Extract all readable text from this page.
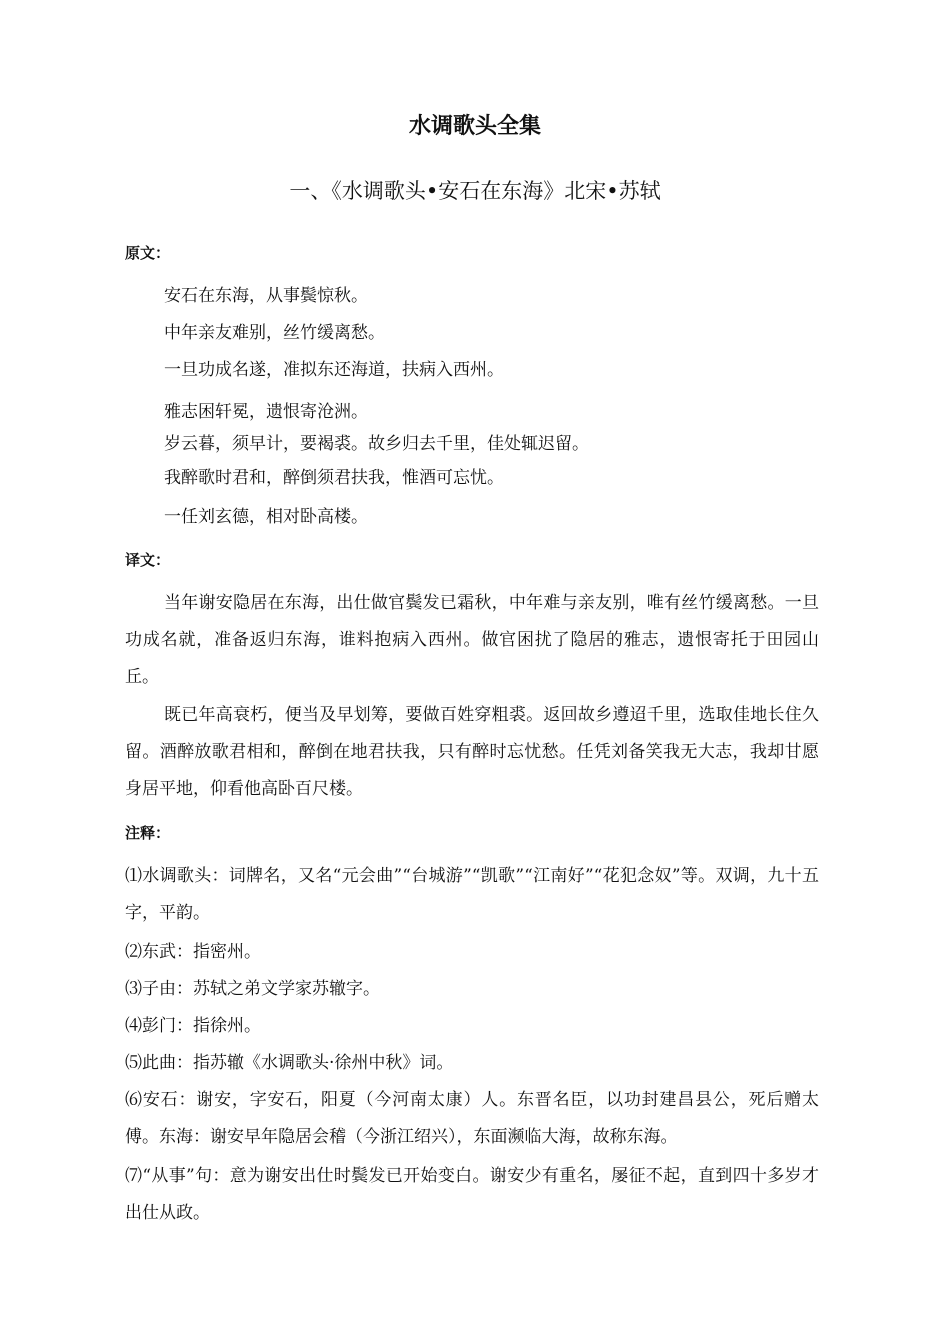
水调歌头全集
一、《水调歌头•安石在东海》北宋•苏轼
原文：
安石在东海，从事鬓惊秋。
中年亲友难别，丝竹缓离愁。
一旦功成名遂，准拟东还海道，扶病入西州。
雅志困轩冕，遗恨寄沧洲。
岁云暮，须早计，要褐裘。故乡归去千里，佳处辄迟留。
我醉歌时君和，醉倒须君扶我，惟酒可忘忧。
一任刘玄德，相对卧高楼。
译文：

当年谢安隐居在东海，出仕做官鬓发已霜秋，中年难与亲友别，唯有丝竹缓离愁。一旦功成名就，准备返归东海，谁料抱病入西州。做官困扰了隐居的雅志，遗恨寄托于田园山丘。

既已年高衰朽，便当及早划筹，要做百姓穿粗裘。返回故乡遵迢千里，选取佳地长住久留。酒醉放歌君相和，醉倒在地君扶我，只有醉时忘忧愁。任凭刘备笑我无大志，我却甘愿身居平地，仰看他高卧百尺楼。

注释：

⑴水调歌头：词牌名，又名“元会曲”“台城游”“凯歌”“江南好”“花犯念奴”等。双调，九十五字，平韵。

⑵东武：指密州。

⑶子由：苏轼之弟文学家苏辙字。

⑷彭门：指徐州。

⑸此曲：指苏辙《水调歌头·徐州中秋》词。

⑹安石：谢安，字安石，阳夏（今河南太康）人。东晋名臣，以功封建昌县公，死后赠太傅。东海：谢安早年隐居会稽（今浙江绍兴），东面濒临大海，故称东海。

⑺“从事”句：意为谢安出仕时鬓发已开始变白。谢安少有重名，屡征不起，直到四十多岁才出仕从政。
